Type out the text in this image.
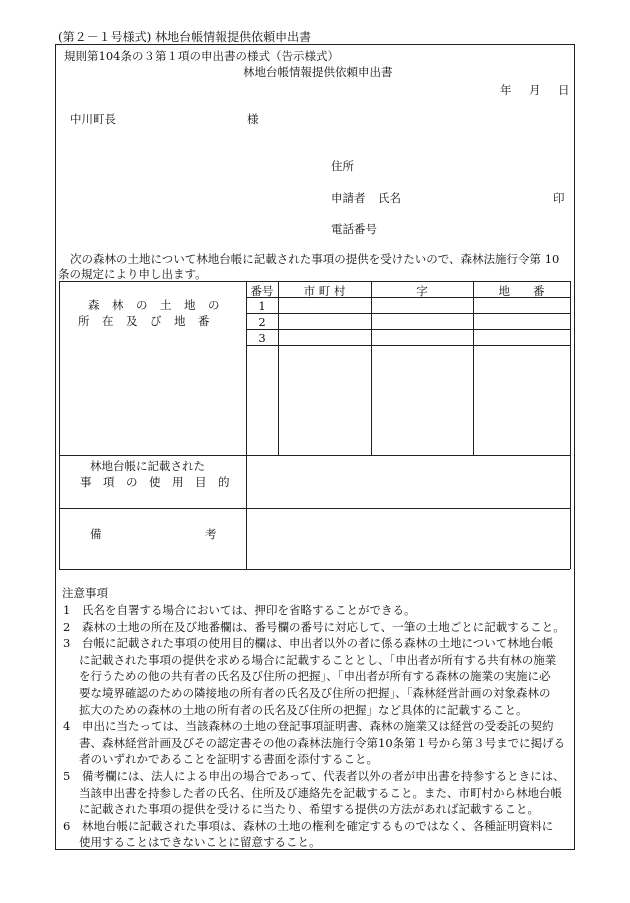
(第２－１号様式) 林地台帳情報提供依頼申出書
規則第104条の３第１項の申出書の様式（告示様式）
林地台帳情報提供依頼申出書
年 月 日
中川町長	様
住所
申請者 氏名	印
電話番号
次の森林の土地について林地台帳に記載された事項の提供を受けたいので、森林法施行令第 10
条の規定により申し出ます。
森　林　の　土　地　の
所　在　及　び　地　番
番号	市 町 村	字	地　　番
1
2
3
林地台帳に記載された
事　項　の　使　用　目　的
備	考
注意事項
1 氏名を自署する場合においては、押印を省略することができる。
2 森林の土地の所在及び地番欄は、番号欄の番号に対応して、一筆の土地ごとに記載すること。
3 台帳に記載された事項の使用目的欄は、申出者以外の者に係る森林の土地について林地台帳
に記載された事項の提供を求める場合に記載することとし、「申出者が所有する共有林の施業
を行うための他の共有者の氏名及び住所の把握」、「申出者が所有する森林の施業の実施に必
要な境界確認のための隣接地の所有者の氏名及び住所の把握」、「森林経営計画の対象森林の
拡大のための森林の土地の所有者の氏名及び住所の把握」など具体的に記載すること。
4 申出に当たっては、当該森林の土地の登記事項証明書、森林の施業又は経営の受委託の契約
書、森林経営計画及びその認定書その他の森林法施行令第10条第１号から第３号までに掲げる
者のいずれかであることを証明する書面を添付すること。
5 備考欄には、法人による申出の場合であって、代表者以外の者が申出書を持参するときには、
当該申出書を持参した者の氏名、住所及び連絡先を記載すること。また、市町村から林地台帳
に記載された事項の提供を受けるに当たり、希望する提供の方法があれば記載すること。
6 林地台帳に記載された事項は、森林の土地の権利を確定するものではなく、各種証明資料に
使用することはできないことに留意すること。
